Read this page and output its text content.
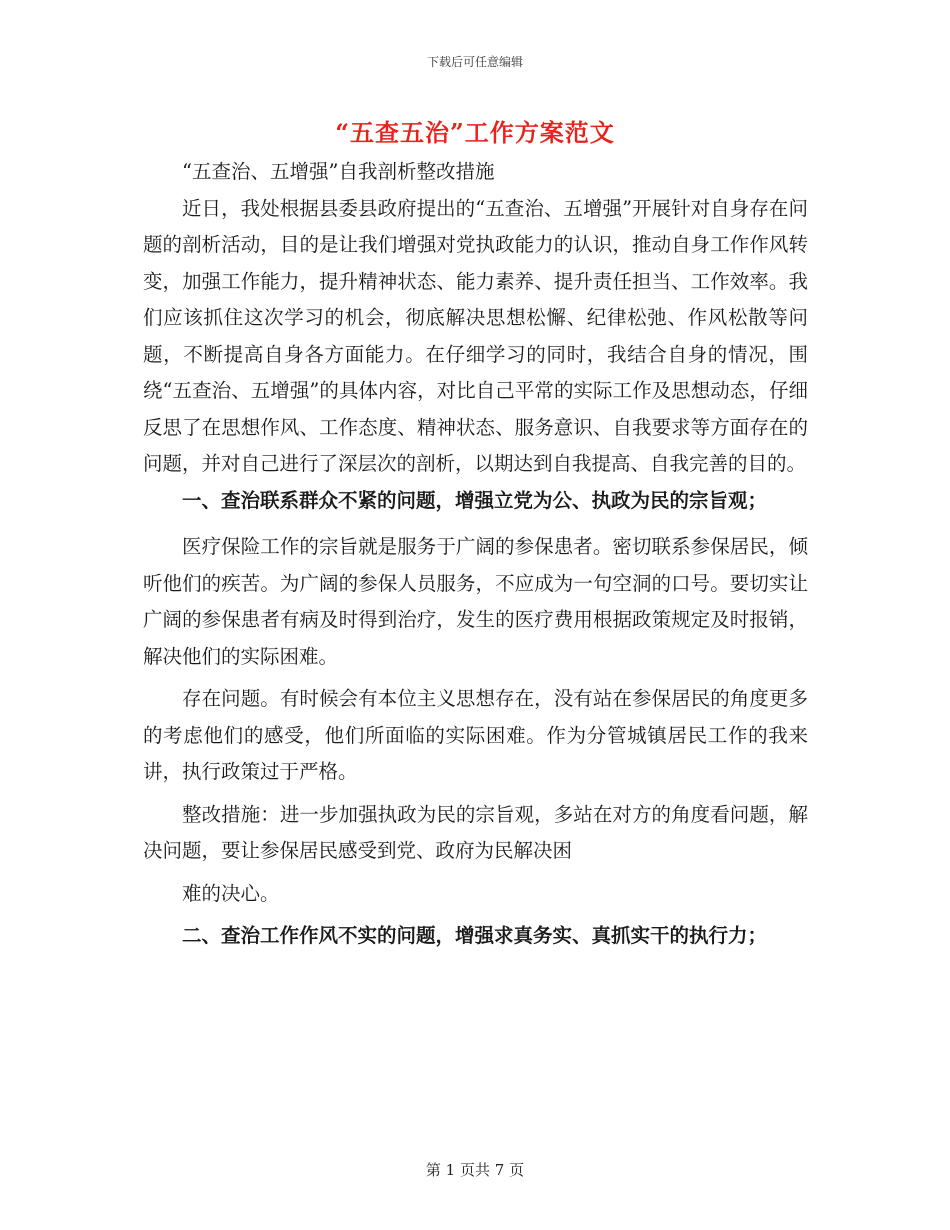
下载后可任意编辑
“五查五治”工作方案范文

“五查治、五增强”自我剖析整改措施

近日，我处根据县委县政府提出的“五查治、五增强”开展针对自身存在问题的剖析活动，目的是让我们增强对党执政能力的认识，推动自身工作作风转变，加强工作能力，提升精神状态、能力素养、提升责任担当、工作效率。我们应该抓住这次学习的机会，彻底解决思想松懈、纪律松弛、作风松散等问题，不断提高自身各方面能力。在仔细学习的同时，我结合自身的情况，围绕“五查治、五增强”的具体内容，对比自己平常的实际工作及思想动态，仔细反思了在思想作风、工作态度、精神状态、服务意识、自我要求等方面存在的问题，并对自己进行了深层次的剖析，以期达到自我提高、自我完善的目的。

一、查治联系群众不紧的问题，增强立党为公、执政为民的宗旨观；

医疗保险工作的宗旨就是服务于广阔的参保患者。密切联系参保居民，倾听他们的疾苦。为广阔的参保人员服务，不应成为一句空洞的口号。要切实让广阔的参保患者有病及时得到治疗，发生的医疗费用根据政策规定及时报销，解决他们的实际困难。

存在问题。有时候会有本位主义思想存在，没有站在参保居民的角度更多的考虑他们的感受，他们所面临的实际困难。作为分管城镇居民工作的我来讲，执行政策过于严格。

整改措施：进一步加强执政为民的宗旨观，多站在对方的角度看问题，解决问题，要让参保居民感受到党、政府为民解决困

难的决心。

二、查治工作作风不实的问题，增强求真务实、真抓实干的执行力；

第 1 页共 7 页
